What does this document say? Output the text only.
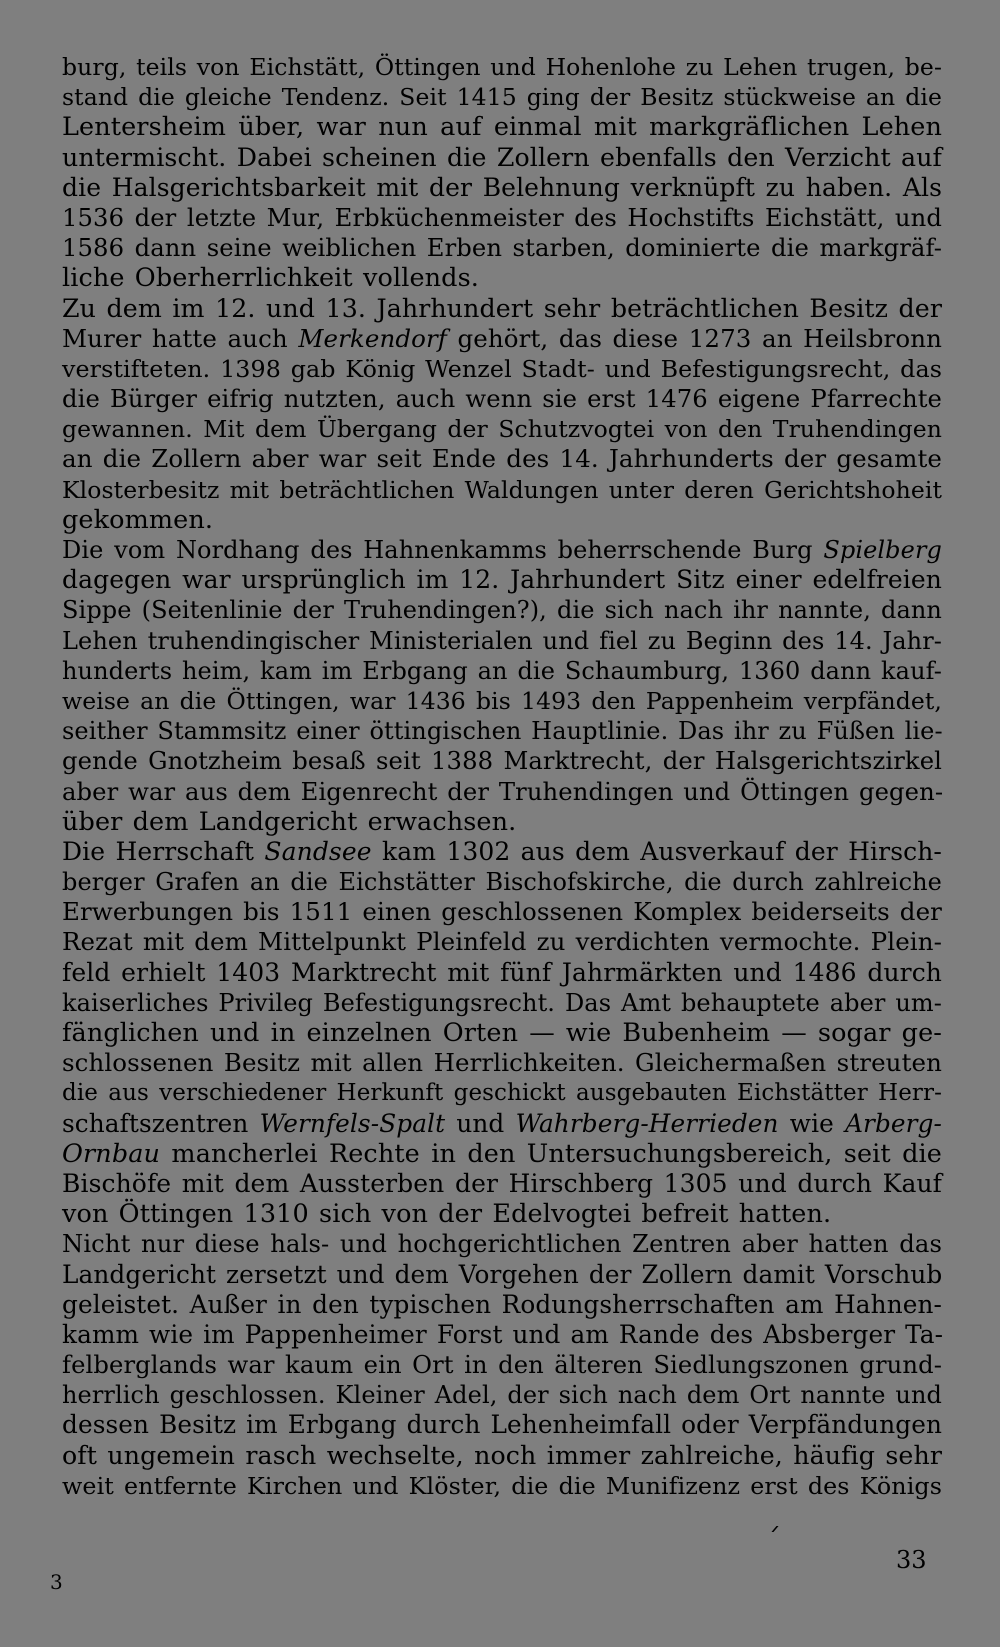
burg, teils von Eichstätt, Öttingen und Hohenlohe zu Lehen trugen, be-
stand die gleiche Tendenz. Seit 1415 ging der Besitz stückweise an die
Lentersheim über, war nun auf einmal mit markgräflichen Lehen
untermischt. Dabei scheinen die Zollern ebenfalls den Verzicht auf
die Halsgerichtsbarkeit mit der Belehnung verknüpft zu haben. Als
1536 der letzte Mur, Erbküchenmeister des Hochstifts Eichstätt, und
1586 dann seine weiblichen Erben starben, dominierte die markgräf-
liche Oberherrlichkeit vollends.
Zu dem im 12. und 13. Jahrhundert sehr beträchtlichen Besitz der
Murer hatte auch Merkendorf gehört, das diese 1273 an Heilsbronn
verstifteten. 1398 gab König Wenzel Stadt- und Befestigungsrecht, das
die Bürger eifrig nutzten, auch wenn sie erst 1476 eigene Pfarrechte
gewannen. Mit dem Übergang der Schutzvogtei von den Truhendingen
an die Zollern aber war seit Ende des 14. Jahrhunderts der gesamte
Klosterbesitz mit beträchtlichen Waldungen unter deren Gerichtshoheit
gekommen.
Die vom Nordhang des Hahnenkamms beherrschende Burg Spielberg
dagegen war ursprünglich im 12. Jahrhundert Sitz einer edelfreien
Sippe (Seitenlinie der Truhendingen?), die sich nach ihr nannte, dann
Lehen truhendingischer Ministerialen und fiel zu Beginn des 14. Jahr-
hunderts heim, kam im Erbgang an die Schaumburg, 1360 dann kauf-
weise an die Öttingen, war 1436 bis 1493 den Pappenheim verpfändet,
seither Stammsitz einer öttingischen Hauptlinie. Das ihr zu Füßen lie-
gende Gnotzheim besaß seit 1388 Marktrecht, der Halsgerichtszirkel
aber war aus dem Eigenrecht der Truhendingen und Öttingen gegen-
über dem Landgericht erwachsen.
Die Herrschaft Sandsee kam 1302 aus dem Ausverkauf der Hirsch-
berger Grafen an die Eichstätter Bischofskirche, die durch zahlreiche
Erwerbungen bis 1511 einen geschlossenen Komplex beiderseits der
Rezat mit dem Mittelpunkt Pleinfeld zu verdichten vermochte. Plein-
feld erhielt 1403 Marktrecht mit fünf Jahrmärkten und 1486 durch
kaiserliches Privileg Befestigungsrecht. Das Amt behauptete aber um-
fänglichen und in einzelnen Orten — wie Bubenheim — sogar ge-
schlossenen Besitz mit allen Herrlichkeiten. Gleichermaßen streuten
die aus verschiedener Herkunft geschickt ausgebauten Eichstätter Herr-
schaftszentren Wernfels-Spalt und Wahrberg-Herrieden wie Arberg-
Ornbau mancherlei Rechte in den Untersuchungsbereich, seit die
Bischöfe mit dem Aussterben der Hirschberg 1305 und durch Kauf
von Öttingen 1310 sich von der Edelvogtei befreit hatten.
Nicht nur diese hals- und hochgerichtlichen Zentren aber hatten das
Landgericht zersetzt und dem Vorgehen der Zollern damit Vorschub
geleistet. Außer in den typischen Rodungsherrschaften am Hahnen-
kamm wie im Pappenheimer Forst und am Rande des Absberger Ta-
felberglands war kaum ein Ort in den älteren Siedlungszonen grund-
herrlich geschlossen. Kleiner Adel, der sich nach dem Ort nannte und
dessen Besitz im Erbgang durch Lehenheimfall oder Verpfändungen
oft ungemein rasch wechselte, noch immer zahlreiche, häufig sehr
weit entfernte Kirchen und Klöster, die die Munifizenz erst des Königs
33
3
